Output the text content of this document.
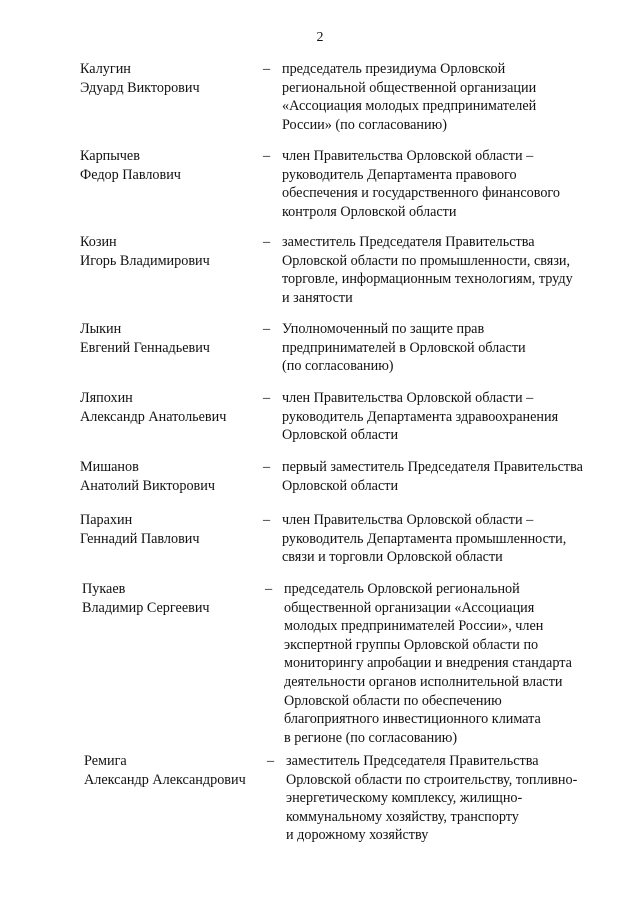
2
Калугин
Эдуард Викторович
– председатель президиума Орловской
региональной общественной организации
«Ассоциация молодых предпринимателей
России» (по согласованию)
Карпычев
Федор Павлович
– член Правительства Орловской области –
руководитель Департамента правового
обеспечения и государственного финансового
контроля Орловской области
Козин
Игорь Владимирович
– заместитель Председателя Правительства
Орловской области по промышленности, связи,
торговле, информационным технологиям, труду
и занятости
Лыкин
Евгений Геннадьевич
– Уполномоченный по защите прав
предпринимателей в Орловской области
(по согласованию)
Ляпохин
Александр Анатольевич
– член Правительства Орловской области –
руководитель Департамента здравоохранения
Орловской области
Мишанов
Анатолий Викторович
– первый заместитель Председателя Правительства
Орловской области
Парахин
Геннадий Павлович
– член Правительства Орловской области –
руководитель Департамента промышленности,
связи и торговли Орловской области
Пукаев
Владимир Сергеевич
– председатель Орловской региональной
общественной организации «Ассоциация
молодых предпринимателей России», член
экспертной группы Орловской области по
мониторингу апробации и внедрения стандарта
деятельности органов исполнительной власти
Орловской области по обеспечению
благоприятного инвестиционного климата
в регионе (по согласованию)
Ремига
Александр Александрович
– заместитель Председателя Правительства
Орловской области по строительству, топливно-
энергетическому комплексу, жилищно-
коммунальному хозяйству, транспорту
и дорожному хозяйству
